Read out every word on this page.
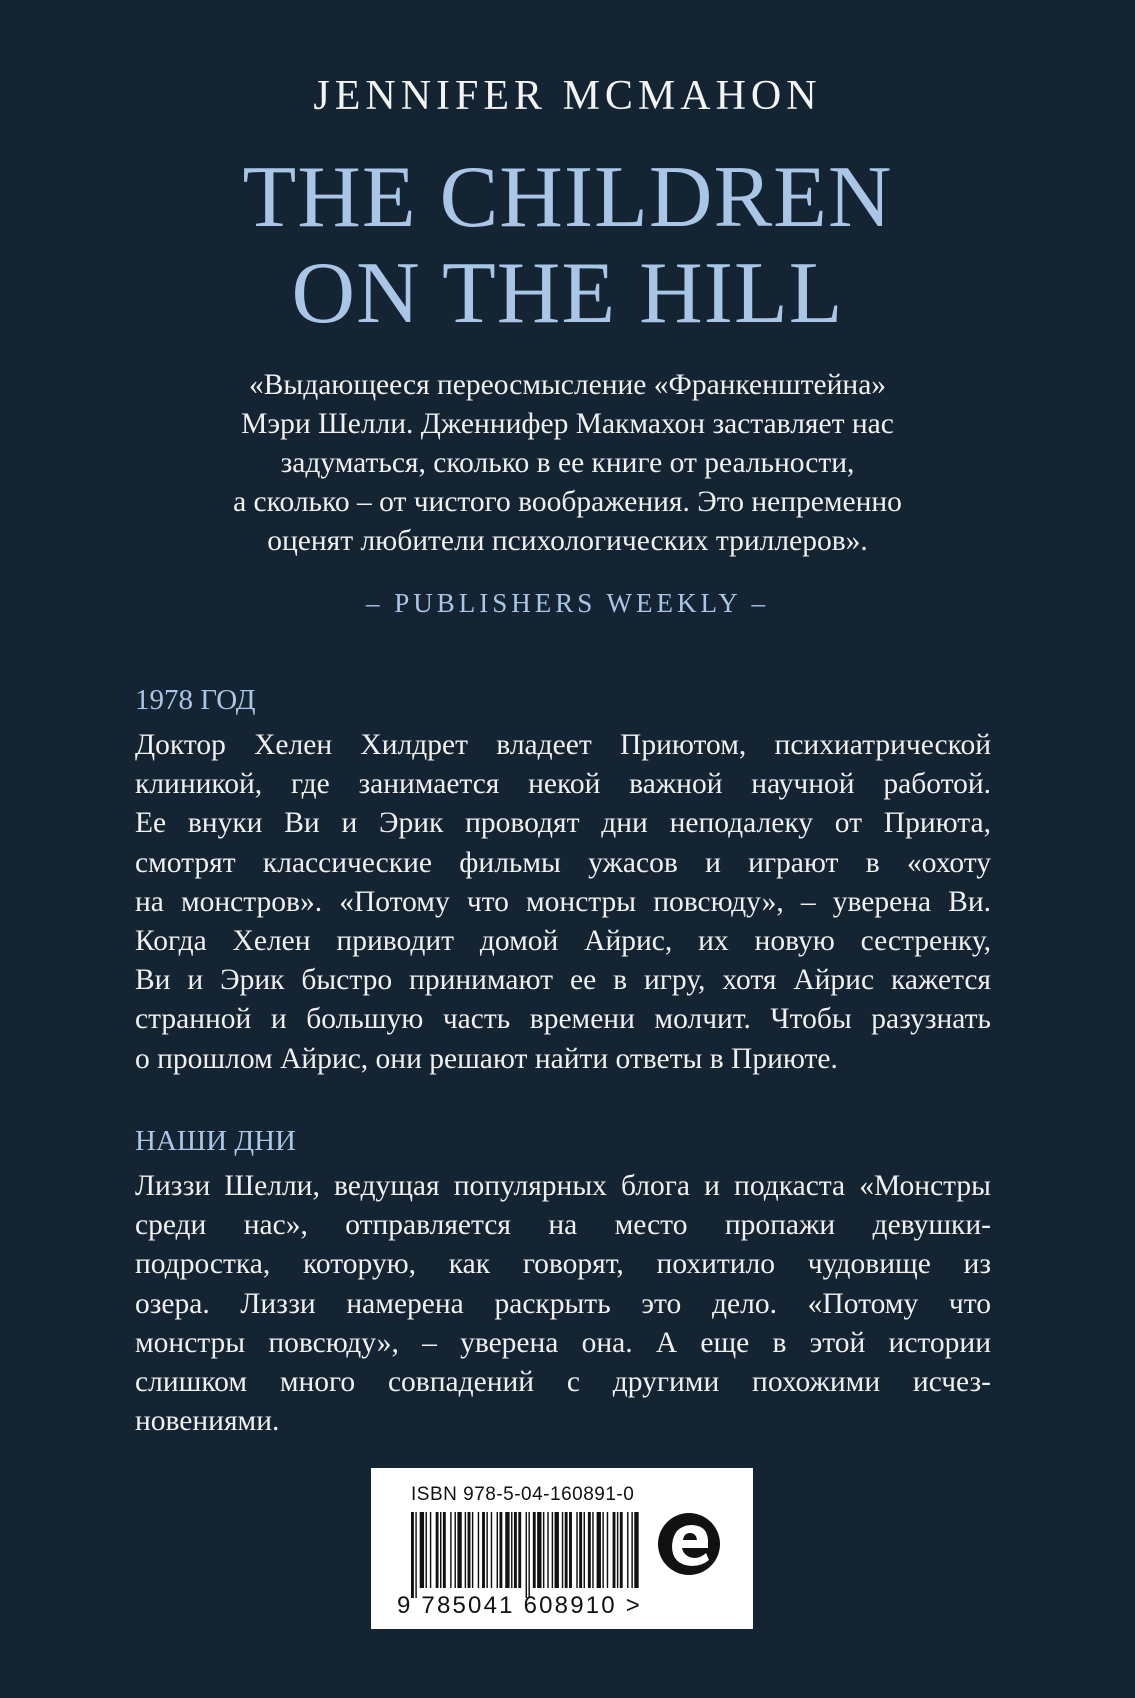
JENNIFER MCMAHON
THE CHILDREN
ON THE HILL
«Выдающееся переосмысление «Франкенштейна»
Мэри Шелли. Дженнифер Макмахон заставляет нас
задуматься, сколько в ее книге от реальности,
а сколько – от чистого воображения. Это непременно
оценят любители психологических триллеров».
– PUBLISHERS WEEKLY –
1978 ГОД
Доктор Хелен Хилдрет владеет Приютом, психиатрической
клиникой, где занимается некой важной научной работой.
Ее внуки Ви и Эрик проводят дни неподалеку от Приюта,
смотрят классические фильмы ужасов и играют в «охоту
на монстров». «Потому что монстры повсюду», – уверена Ви.
Когда Хелен приводит домой Айрис, их новую сестренку,
Ви и Эрик быстро принимают ее в игру, хотя Айрис кажется
странной и большую часть времени молчит. Чтобы разузнать
о прошлом Айрис, они решают найти ответы в Приюте.
НАШИ ДНИ
Лиззи Шелли, ведущая популярных блога и подкаста «Монстры
среди нас», отправляется на место пропажи девушки-
подростка, которую, как говорят, похитило чудовище из
озера. Лиззи намерена раскрыть это дело. «Потому что
монстры повсюду», – уверена она. А еще в этой истории
слишком много совпадений с другими похожими исчез-
новениями.
ISBN 978-5-04-160891-0
9 785041 608910 >
